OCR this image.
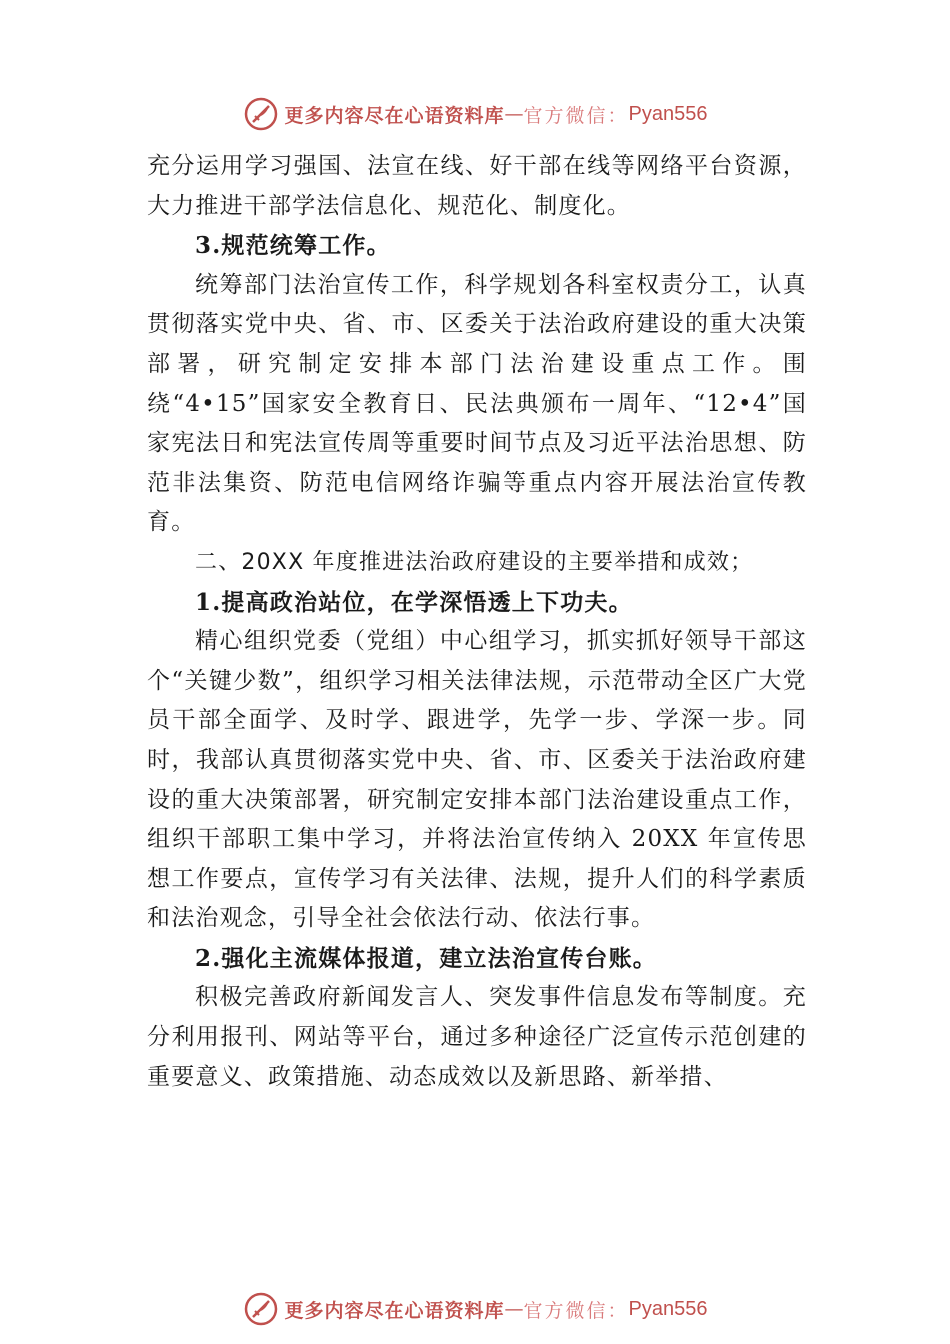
更多内容尽在心语资料库 — 官方微信： Pyan556

充分运用学习强国、法宣在线、好干部在线等网络平台资源，大力推进干部学法信息化、规范化、制度化。

3.规范统筹工作。

统筹部门法治宣传工作，科学规划各科室权责分工，认真贯彻落实党中央、省、市、区委关于法治政府建设的重大决策部署，研究制定安排本部门法治建设重点工作。围绕“4•15”国家安全教育日、民法典颁布一周年、“12•4”国家宪法日和宪法宣传周等重要时间节点及习近平法治思想、防范非法集资、防范电信网络诈骗等重点内容开展法治宣传教育。

二、20XX 年度推进法治政府建设的主要举措和成效；

1.提高政治站位，在学深悟透上下功夫。

精心组织党委（党组）中心组学习，抓实抓好领导干部这个“关键少数”，组织学习相关法律法规，示范带动全区广大党员干部全面学、及时学、跟进学，先学一步、学深一步。同时，我部认真贯彻落实党中央、省、市、区委关于法治政府建设的重大决策部署，研究制定安排本部门法治建设重点工作，组织干部职工集中学习，并将法治宣传纳入 20XX 年宣传思想工作要点，宣传学习有关法律、法规，提升人们的科学素质和法治观念，引导全社会依法行动、依法行事。

2.强化主流媒体报道，建立法治宣传台账。

积极完善政府新闻发言人、突发事件信息发布等制度。充分利用报刊、网站等平台，通过多种途径广泛宣传示范创建的重要意义、政策措施、动态成效以及新思路、新举措、

更多内容尽在心语资料库 — 官方微信： Pyan556
